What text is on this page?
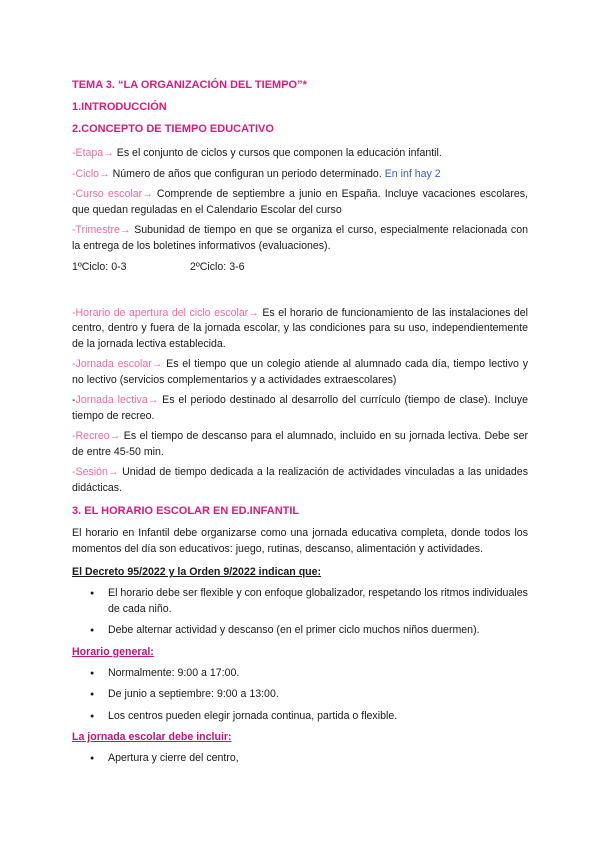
TEMA 3. “LA ORGANIZACIÓN DEL TIEMPO”*

1.INTRODUCCIÓN

2.CONCEPTO DE TIEMPO EDUCATIVO

-Etapa→ Es el conjunto de ciclos y cursos que componen la educación infantil.

-Ciclo→ Número de años que configuran un periodo determinado. En inf hay 2

-Curso escolar→ Comprende de septiembre a junio en España. Incluye vacaciones escolares, que quedan reguladas en el Calendario Escolar del curso

-Trimestre→ Subunidad de tiempo en que se organiza el curso, especialmente relacionada con la entrega de los boletines informativos (evaluaciones).

1ºCiclo: 0-3	2ºCiclo: 3-6

-Horario de apertura del ciclo escolar→ Es el horario de funcionamiento de las instalaciones del centro, dentro y fuera de la jornada escolar, y las condiciones para su uso, independientemente de la jornada lectiva establecida.

-Jornada escolar→ Es el tiempo que un colegio atiende al alumnado cada día, tiempo lectivo y no lectivo (servicios complementarios y a actividades extraescolares)

-Jornada lectiva→ Es el periodo destinado al desarrollo del currículo (tiempo de clase). Incluye tiempo de recreo.

-Recreo→ Es el tiempo de descanso para el alumnado, incluido en su jornada lectiva. Debe ser de entre 45-50 min.

-Sesión→ Unidad de tiempo dedicada a la realización de actividades vinculadas a las unidades didácticas.

3. EL HORARIO ESCOLAR EN ED.INFANTIL

El horario en Infantil debe organizarse como una jornada educativa completa, donde todos los momentos del día son educativos: juego, rutinas, descanso, alimentación y actividades.

El Decreto 95/2022 y la Orden 9/2022 indican que:

● El horario debe ser flexible y con enfoque globalizador, respetando los ritmos individuales de cada niño.
● Debe alternar actividad y descanso (en el primer ciclo muchos niños duermen).

Horario general:

● Normalmente: 9:00 a 17:00.
● De junio a septiembre: 9:00 a 13:00.
● Los centros pueden elegir jornada continua, partida o flexible.

La jornada escolar debe incluir:

● Apertura y cierre del centro,
